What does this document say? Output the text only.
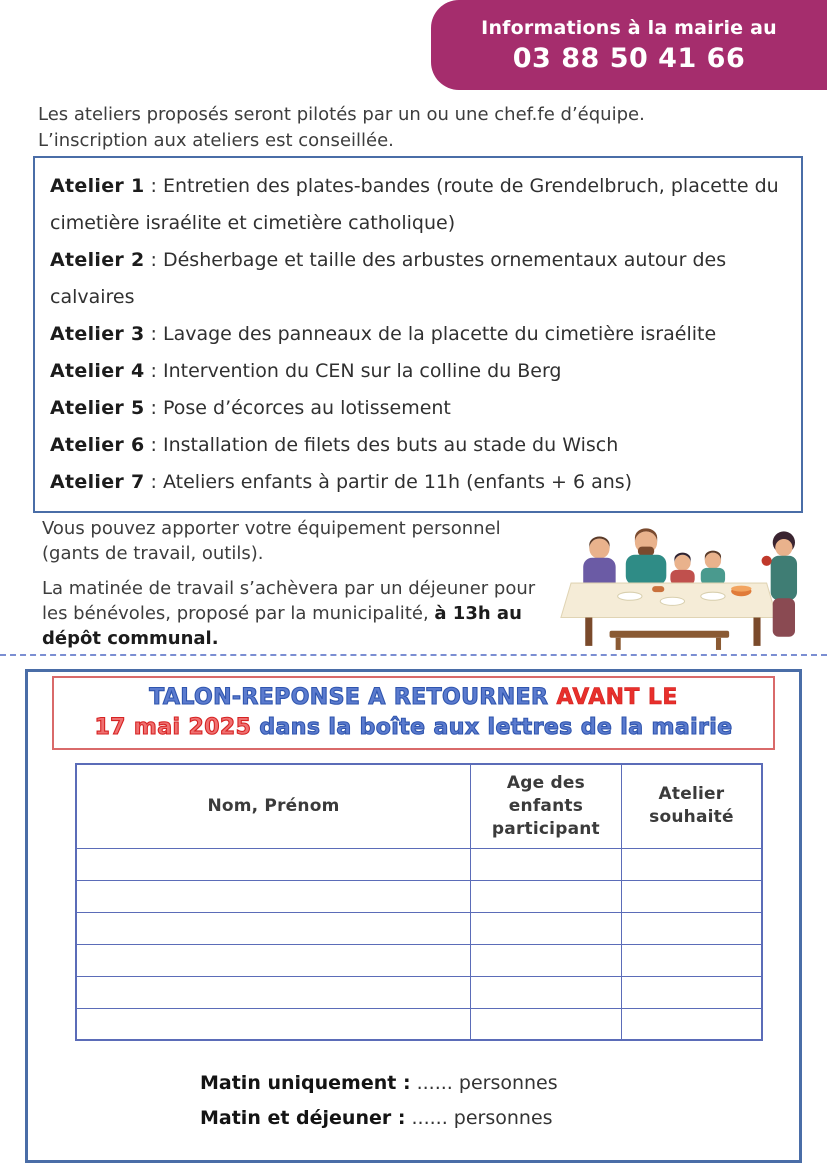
Informations à la mairie au
03 88 50 41 66
Les ateliers proposés seront pilotés par un ou une chef.fe d’équipe.
L’inscription aux ateliers est conseillée.

Atelier 1 : Entretien des plates-bandes (route de Grendelbruch, placette du cimetière israélite et cimetière catholique)

Atelier 2 : Désherbage et taille des arbustes ornementaux autour des calvaires

Atelier 3 : Lavage des panneaux de la placette du cimetière israélite

Atelier 4 : Intervention du CEN sur la colline du Berg

Atelier 5 : Pose d’écorces au lotissement

Atelier 6 : Installation de filets des buts au stade du Wisch

Atelier 7 : Ateliers enfants à partir de 11h (enfants + 6 ans)

Vous pouvez apporter votre équipement personnel (gants de travail, outils).

La matinée de travail s’achèvera par un déjeuner pour les bénévoles, proposé par la municipalité, à 13h au dépôt communal.

TALON-REPONSE A RETOURNER AVANT LE
17 mai 2025 dans la boîte aux lettres de la mairie
Nom, Prénom	Age des enfants participant	Atelier souhaité

Matin uniquement : ...... personnes
Matin et déjeuner : ...... personnes
